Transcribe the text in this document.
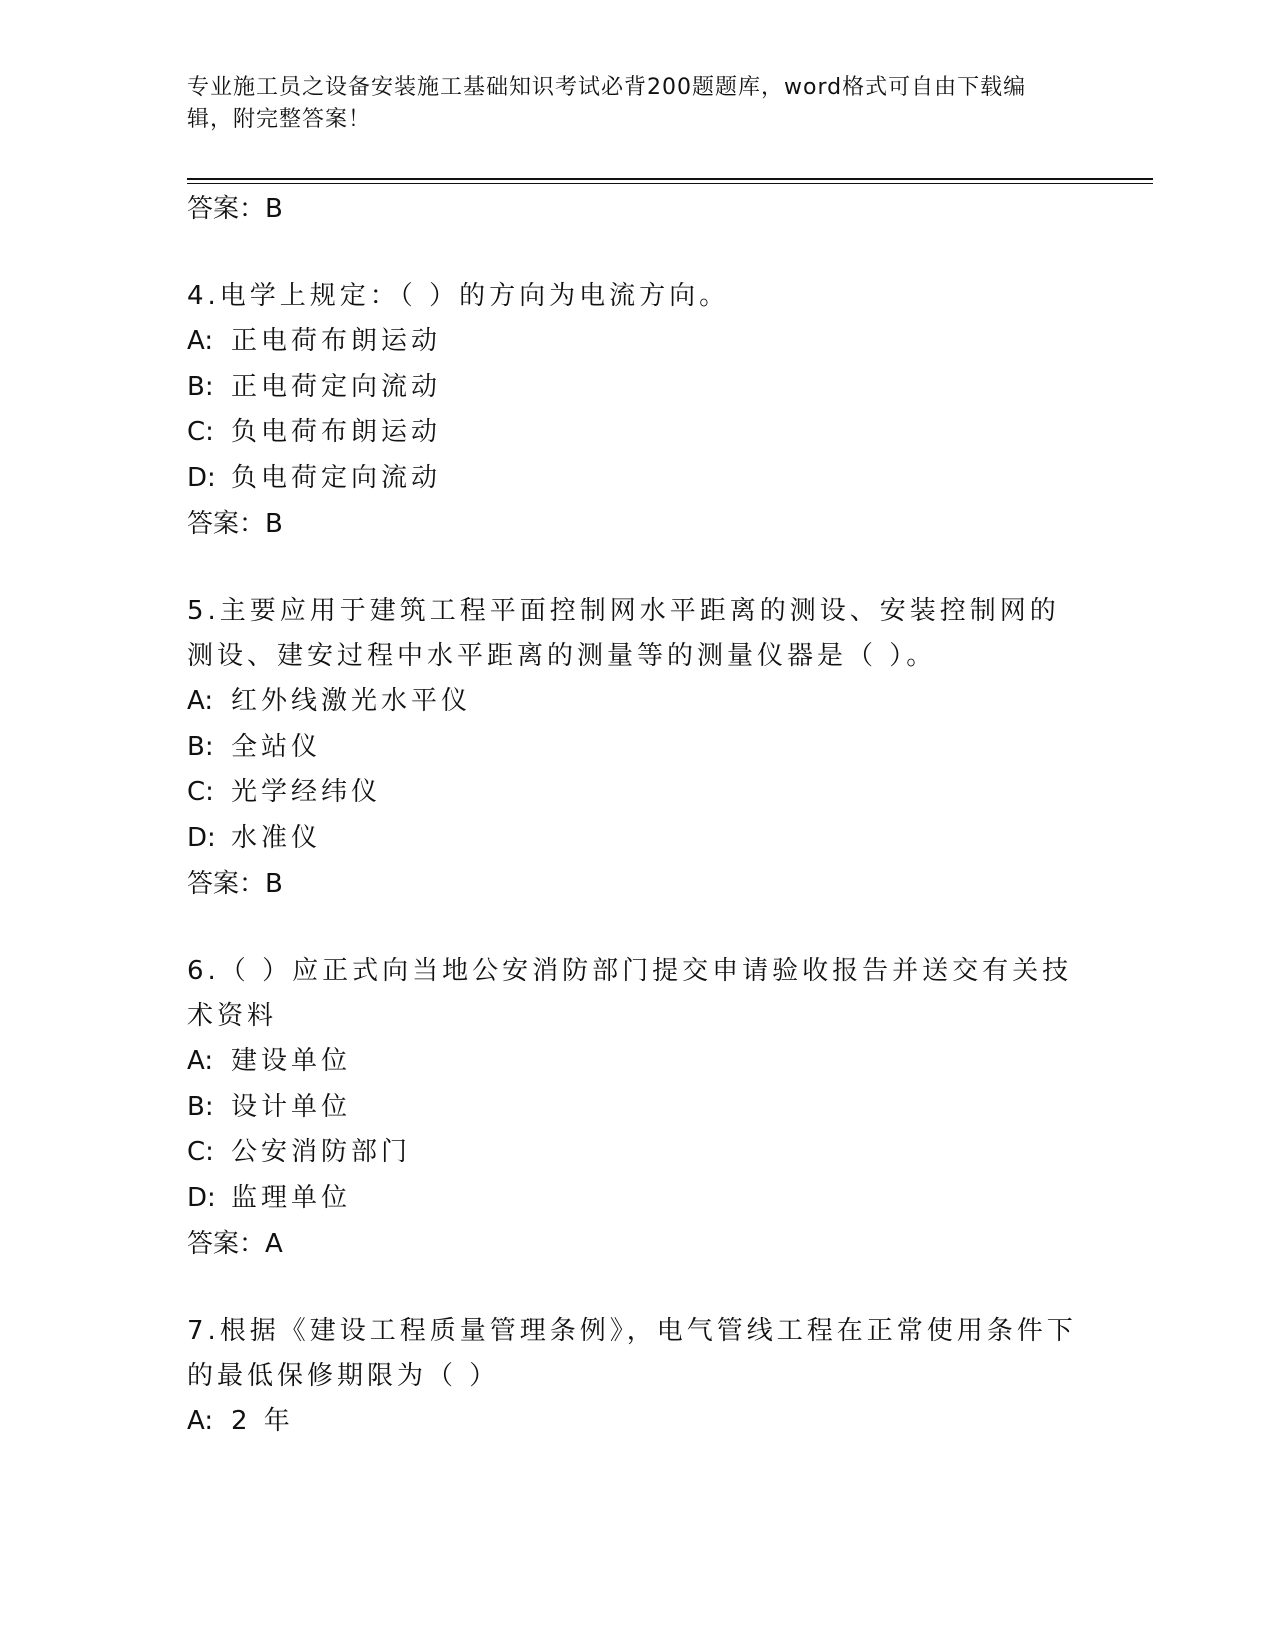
专业施工员之设备安装施工基础知识考试必背200题题库，word格式可自由下载编辑，附完整答案！
答案：B
4.电学上规定：（ ）的方向为电流方向。
A: 正电荷布朗运动
B: 正电荷定向流动
C: 负电荷布朗运动
D: 负电荷定向流动
答案：B
5.主要应用于建筑工程平面控制网水平距离的测设、安装控制网的测设、建安过程中水平距离的测量等的测量仪器是（ ）。
A: 红外线激光水平仪
B: 全站仪
C: 光学经纬仪
D: 水准仪
答案：B
6.（ ）应正式向当地公安消防部门提交申请验收报告并送交有关技术资料
A: 建设单位
B: 设计单位
C: 公安消防部门
D: 监理单位
答案：A
7.根据《建设工程质量管理条例》，电气管线工程在正常使用条件下的最低保修期限为（ ）
A: 2 年
